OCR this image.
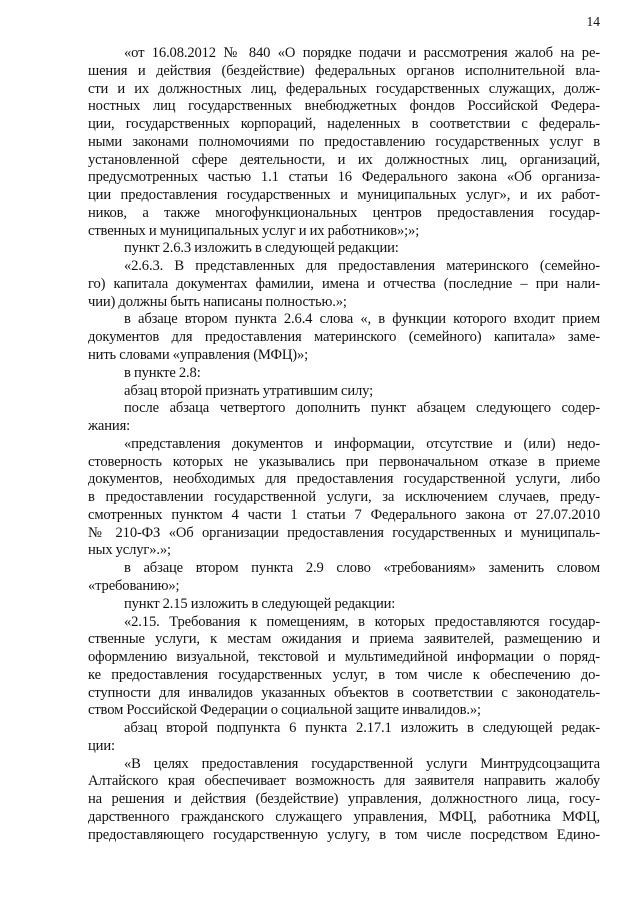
14
«от 16.08.2012 № 840 «О порядке подачи и рассмотрения жалоб на ре-
шения и действия (бездействие) федеральных органов исполнительной вла-
сти и их должностных лиц, федеральных государственных служащих, долж-
ностных лиц государственных внебюджетных фондов Российской Федера-
ции, государственных корпораций, наделенных в соответствии с федераль-
ными законами полномочиями по предоставлению государственных услуг в
установленной сфере деятельности, и их должностных лиц, организаций,
предусмотренных частью 1.1 статьи 16 Федерального закона «Об организа-
ции предоставления государственных и муниципальных услуг», и их работ-
ников, а также многофункциональных центров предоставления государ-
ственных и муниципальных услуг и их работников»;»;
пункт 2.6.3 изложить в следующей редакции:
«2.6.3. В представленных для предоставления материнского (семейно-
го) капитала документах фамилии, имена и отчества (последние – при нали-
чии) должны быть написаны полностью.»;
в абзаце втором пункта 2.6.4 слова «, в функции которого входит прием
документов для предоставления материнского (семейного) капитала» заме-
нить словами «управления (МФЦ)»;
в пункте 2.8:
абзац второй признать утратившим силу;
после абзаца четвертого дополнить пункт абзацем следующего содер-
жания:
«представления документов и информации, отсутствие и (или) недо-
стоверность которых не указывались при первоначальном отказе в приеме
документов, необходимых для предоставления государственной услуги, либо
в предоставлении государственной услуги, за исключением случаев, преду-
смотренных пунктом 4 части 1 статьи 7 Федерального закона от 27.07.2010
№ 210-ФЗ «Об организации предоставления государственных и муниципаль-
ных услуг».»;
в абзаце втором пункта 2.9 слово «требованиям» заменить словом
«требованию»;
пункт 2.15 изложить в следующей редакции:
«2.15. Требования к помещениям, в которых предоставляются государ-
ственные услуги, к местам ожидания и приема заявителей, размещению и
оформлению визуальной, текстовой и мультимедийной информации о поряд-
ке предоставления государственных услуг, в том числе к обеспечению до-
ступности для инвалидов указанных объектов в соответствии с законодатель-
ством Российской Федерации о социальной защите инвалидов.»;
абзац второй подпункта 6 пункта 2.17.1 изложить в следующей редак-
ции:
«В целях предоставления государственной услуги Минтрудсоцзащита
Алтайского края обеспечивает возможность для заявителя направить жалобу
на решения и действия (бездействие) управления, должностного лица, госу-
дарственного гражданского служащего управления, МФЦ, работника МФЦ,
предоставляющего государственную услугу, в том числе посредством Едино-
